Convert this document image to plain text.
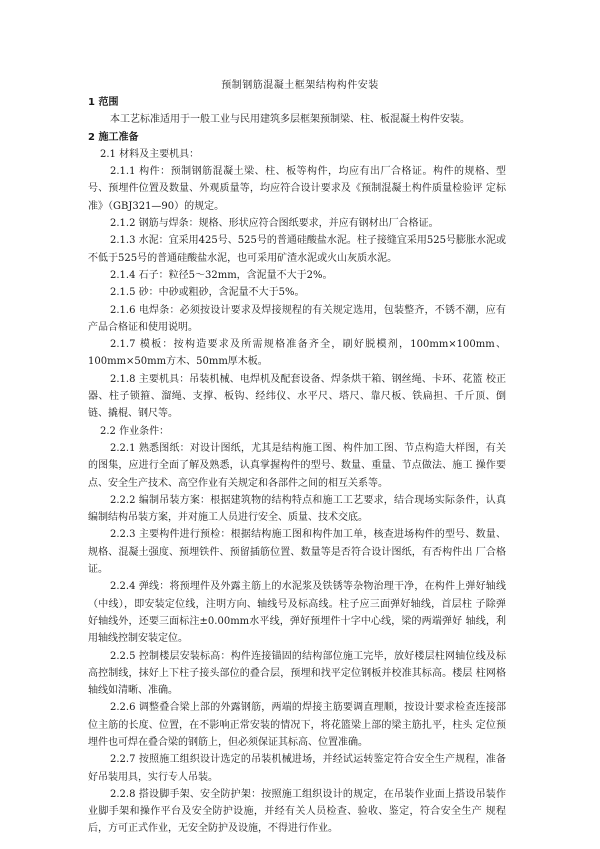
预制钢筋混凝土框架结构构件安装

1 范围

本工艺标准适用于一般工业与民用建筑多层框架预制梁、柱、板混凝土构件安装。

2 施工准备

2.1 材料及主要机具：

2.1.1 构件：预制钢筋混凝土梁、柱、板等构件，均应有出厂合格证。构件的规格、型号、预埋件位置及数量、外观质量等，均应符合设计要求及《预制混凝土构件质量检验评 定标准》（GBJ321—90）的规定。

2.1.2 钢筋与焊条：规格、形状应符合图纸要求，并应有钢材出厂合格证。

2.1.3 水泥：宜采用425号、525号的普通硅酸盐水泥。柱子接缝宜采用525号膨胀水泥或不低于525号的普通硅酸盐水泥，也可采用矿渣水泥或火山灰质水泥。

2.1.4 石子：粒径5～32mm，含泥量不大于2%。

2.1.5 砂：中砂或粗砂，含泥量不大于5%。

2.1.6 电焊条：必须按设计要求及焊接规程的有关规定选用，包装整齐，不锈不潮，应有产品合格证和使用说明。

2.1.7 模板：按构造要求及所需规格准备齐全，刷好脱模剂，100mm×100mm、100mm×50mm方木、50mm厚木板。

2.1.8 主要机具：吊装机械、电焊机及配套设备、焊条烘干箱、钢丝绳、卡环、花篮 校正器、柱子锁箍、溜绳、支撑、板钩、经纬仪、水平尺、塔尺、靠尺板、铁扁担、千斤顶、倒链、撬棍、钢尺等。

2.2 作业条件：

2.2.1 熟悉图纸：对设计图纸，尤其是结构施工图、构件加工图、节点构造大样图，有关的图集，应进行全面了解及熟悉，认真掌握构件的型号、数量、重量、节点做法、施工 操作要点、安全生产技术、高空作业有关规定和各部件之间的相互关系等。

2.2.2 编制吊装方案：根据建筑物的结构特点和施工工艺要求，结合现场实际条件，认真编制结构吊装方案，并对施工人员进行安全、质量、技术交底。

2.2.3 主要构件进行预检：根据结构施工图和构件加工单，核查进场构件的型号、数量、规格、混凝土强度、预埋铁件、预留插筋位置、数量等是否符合设计图纸，有否构件出 厂合格证。

2.2.4 弹线：将预埋件及外露主筋上的水泥浆及铁锈等杂物治理干净，在构件上弹好轴线（中线），即安装定位线，注明方向、轴线号及标高线。柱子应三面弹好轴线，首层柱 子除弹好轴线外，还要三面标注±0.00mm水平线，弹好预埋件十字中心线，梁的两端弹好 轴线，利用轴线控制安装定位。

2.2.5 控制楼层安装标高：构件连接锚固的结构部位施工完毕，放好楼层柱网轴位线及标高控制线，抹好上下柱子接头部位的叠合层，预埋和找平定位钢板并校准其标高。楼层 柱网格轴线如清晰、准确。

2.2.6 调整叠合梁上部的外露钢筋，两端的焊接主筋要调直理顺，按设计要求检查连接部位主筋的长度、位置，在不影响正常安装的情况下，将花篮梁上部的梁主筋扎平，柱头 定位预埋件也可焊在叠合梁的钢筋上，但必须保证其标高、位置准确。

2.2.7 按照施工组织设计选定的吊装机械进场，并经试运转鉴定符合安全生产规程，准备好吊装用具，实行专人吊装。

2.2.8 搭设脚手架、安全防护架：按照施工组织设计的规定，在吊装作业面上搭设吊装作业脚手架和操作平台及安全防护设施，并经有关人员检查、验收、鉴定，符合安全生产 规程后，方可正式作业，无安全防护及设施，不得进行作业。
